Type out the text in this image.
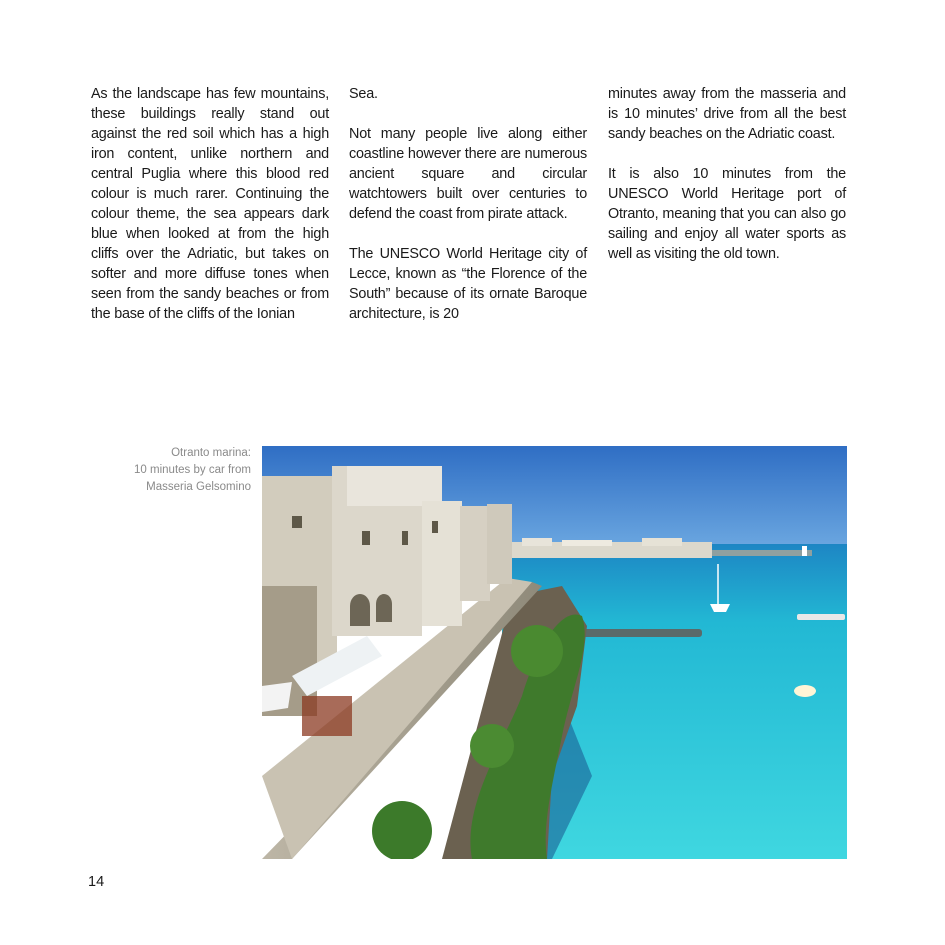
As the landscape has few mountains, these buildings really stand out against the red soil which has a high iron content, unlike northern and central Puglia where this blood red colour is much rarer. Continuing the colour theme, the sea appears dark blue when looked at from the high cliffs over the Adriatic, but takes on softer and more diffuse tones when seen from the sandy beaches or from the base of the cliffs of the Ionian

Sea.

Not many people live along either coastline however there are numerous ancient square and circular watchtowers built over centuries to defend the coast from pirate attack.

The UNESCO World Heritage city of Lecce, known as “the Florence of the South” because of its ornate Baroque architecture, is 20

minutes away from the masseria and is 10 minutes’ drive from all the best sandy beaches on the Adriatic coast.

It is also 10 minutes from the UNESCO World Heritage port of Otranto, meaning that you can also go sailing and enjoy all water sports as well as visiting the old town.

Otranto marina:
10 minutes by car from
Masseria Gelsomino
14
